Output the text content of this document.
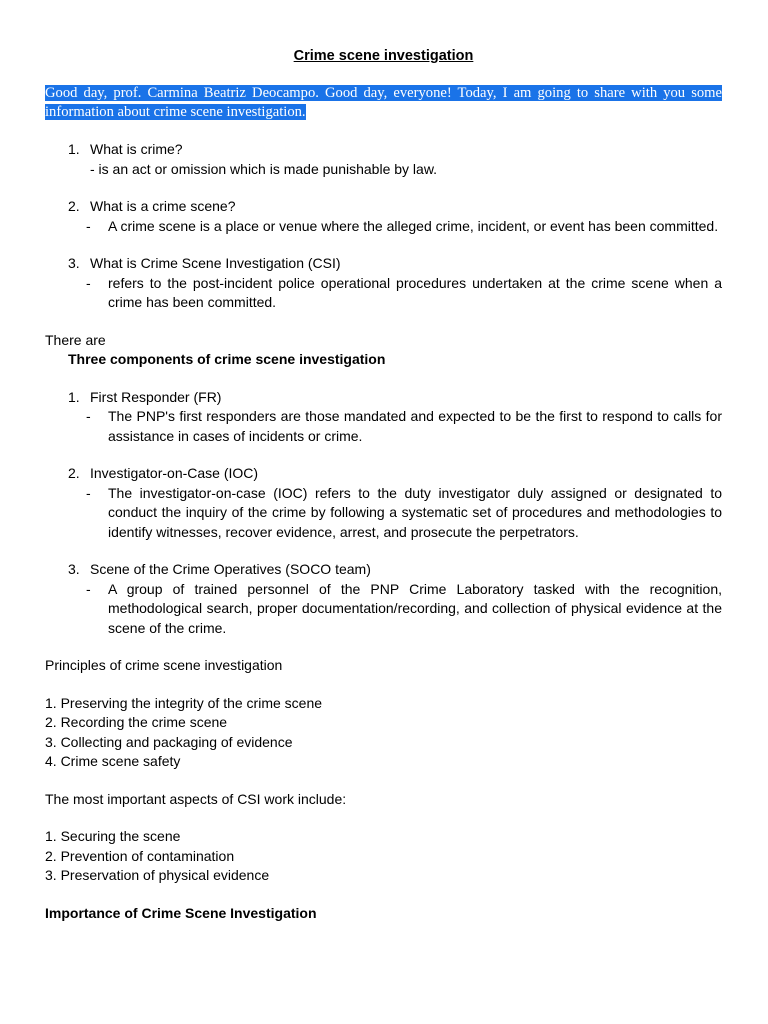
Crime scene investigation
Good day, prof. Carmina Beatriz Deocampo. Good day, everyone! Today, I am going to share with you some information about crime scene investigation.
1. What is crime?
- is an act or omission which is made punishable by law.
2. What is a crime scene?
- A crime scene is a place or venue where the alleged crime, incident, or event has been committed.
3. What is Crime Scene Investigation (CSI)
- refers to the post-incident police operational procedures undertaken at the crime scene when a crime has been committed.
There are
Three components of crime scene investigation
1. First Responder (FR)
- The PNP's first responders are those mandated and expected to be the first to respond to calls for assistance in cases of incidents or crime.
2. Investigator-on-Case (IOC)
- The investigator-on-case (IOC) refers to the duty investigator duly assigned or designated to conduct the inquiry of the crime by following a systematic set of procedures and methodologies to identify witnesses, recover evidence, arrest, and prosecute the perpetrators.
3. Scene of the Crime Operatives (SOCO team)
- A group of trained personnel of the PNP Crime Laboratory tasked with the recognition, methodological search, proper documentation/recording, and collection of physical evidence at the scene of the crime.
Principles of crime scene investigation
1. Preserving the integrity of the crime scene
2. Recording the crime scene
3. Collecting and packaging of evidence
4. Crime scene safety
The most important aspects of CSI work include:
1. Securing the scene
2. Prevention of contamination
3. Preservation of physical evidence
Importance of Crime Scene Investigation
